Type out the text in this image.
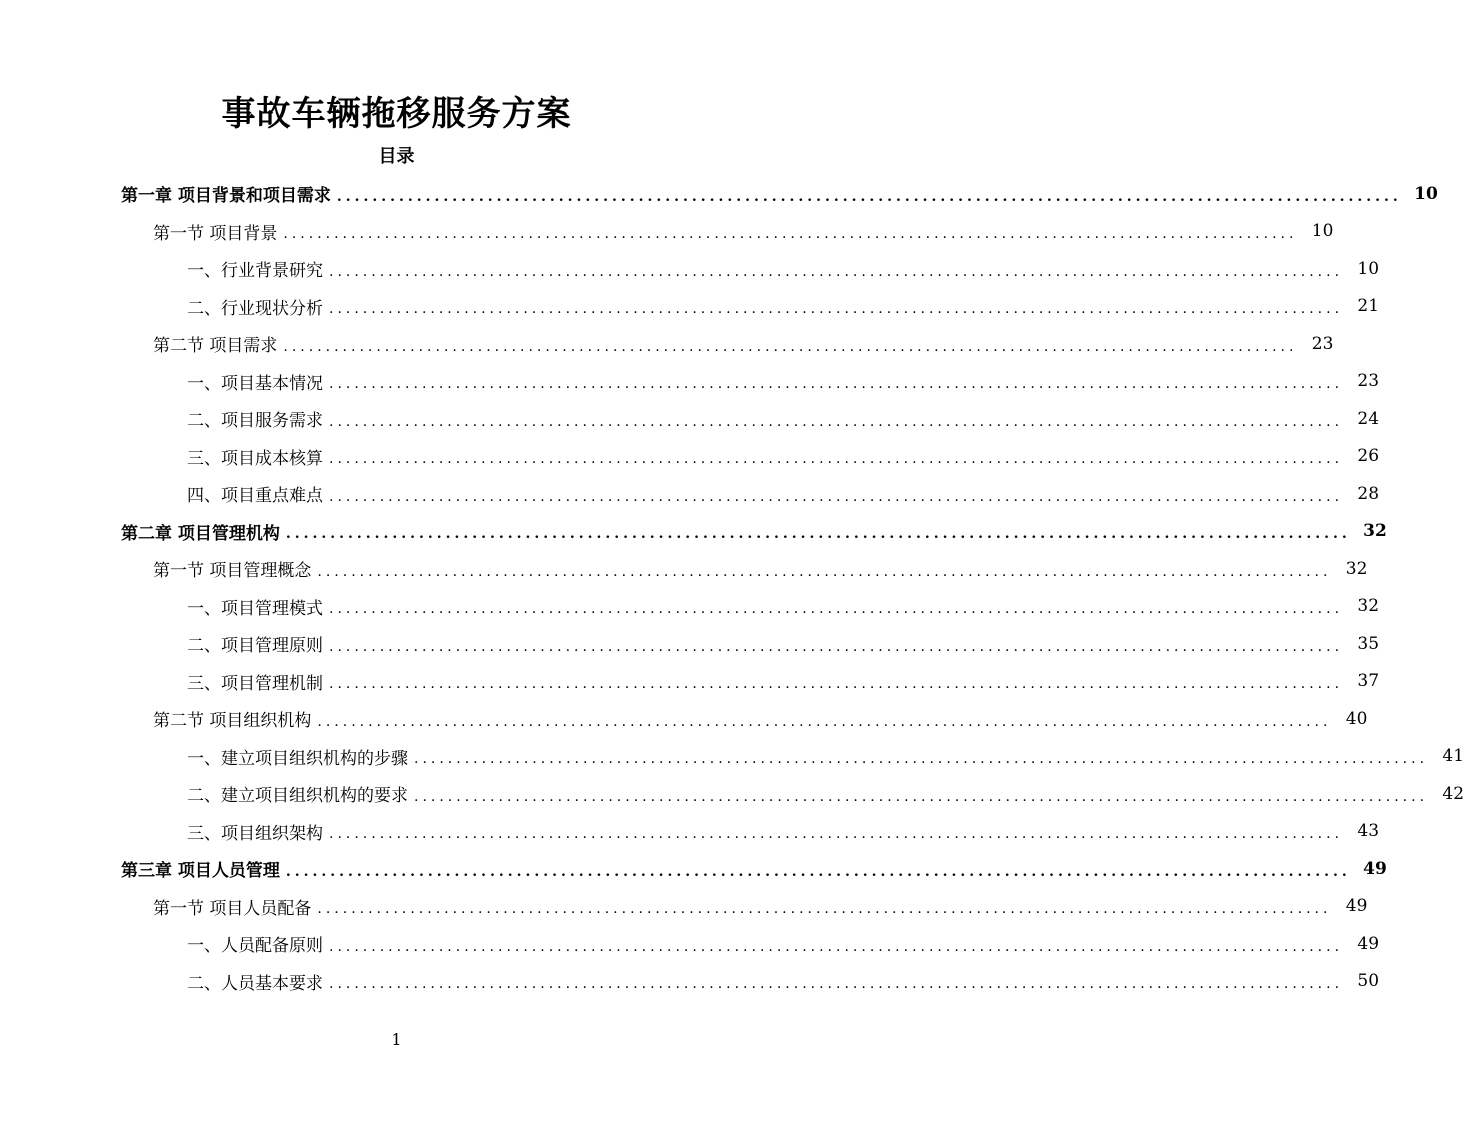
事故车辆拖移服务方案
目录
第一章 项目背景和项目需求 ........................................................................................................................ 10
第一节 项目背景 ........................................................................................................................ 10
一、行业背景研究 ........................................................................................................................ 10
二、行业现状分析 ........................................................................................................................ 21
第二节 项目需求 ........................................................................................................................ 23
一、项目基本情况 ........................................................................................................................ 23
二、项目服务需求 ........................................................................................................................ 24
三、项目成本核算 ........................................................................................................................ 26
四、项目重点难点 ........................................................................................................................ 28
第二章 项目管理机构 ........................................................................................................................ 32
第一节 项目管理概念 ........................................................................................................................ 32
一、项目管理模式 ........................................................................................................................ 32
二、项目管理原则 ........................................................................................................................ 35
三、项目管理机制 ........................................................................................................................ 37
第二节 项目组织机构 ........................................................................................................................ 40
一、建立项目组织机构的步骤 ........................................................................................................................ 41
二、建立项目组织机构的要求 ........................................................................................................................ 42
三、项目组织架构 ........................................................................................................................ 43
第三章 项目人员管理 ........................................................................................................................ 49
第一节 项目人员配备 ........................................................................................................................ 49
一、人员配备原则 ........................................................................................................................ 49
二、人员基本要求 ........................................................................................................................ 50
1
